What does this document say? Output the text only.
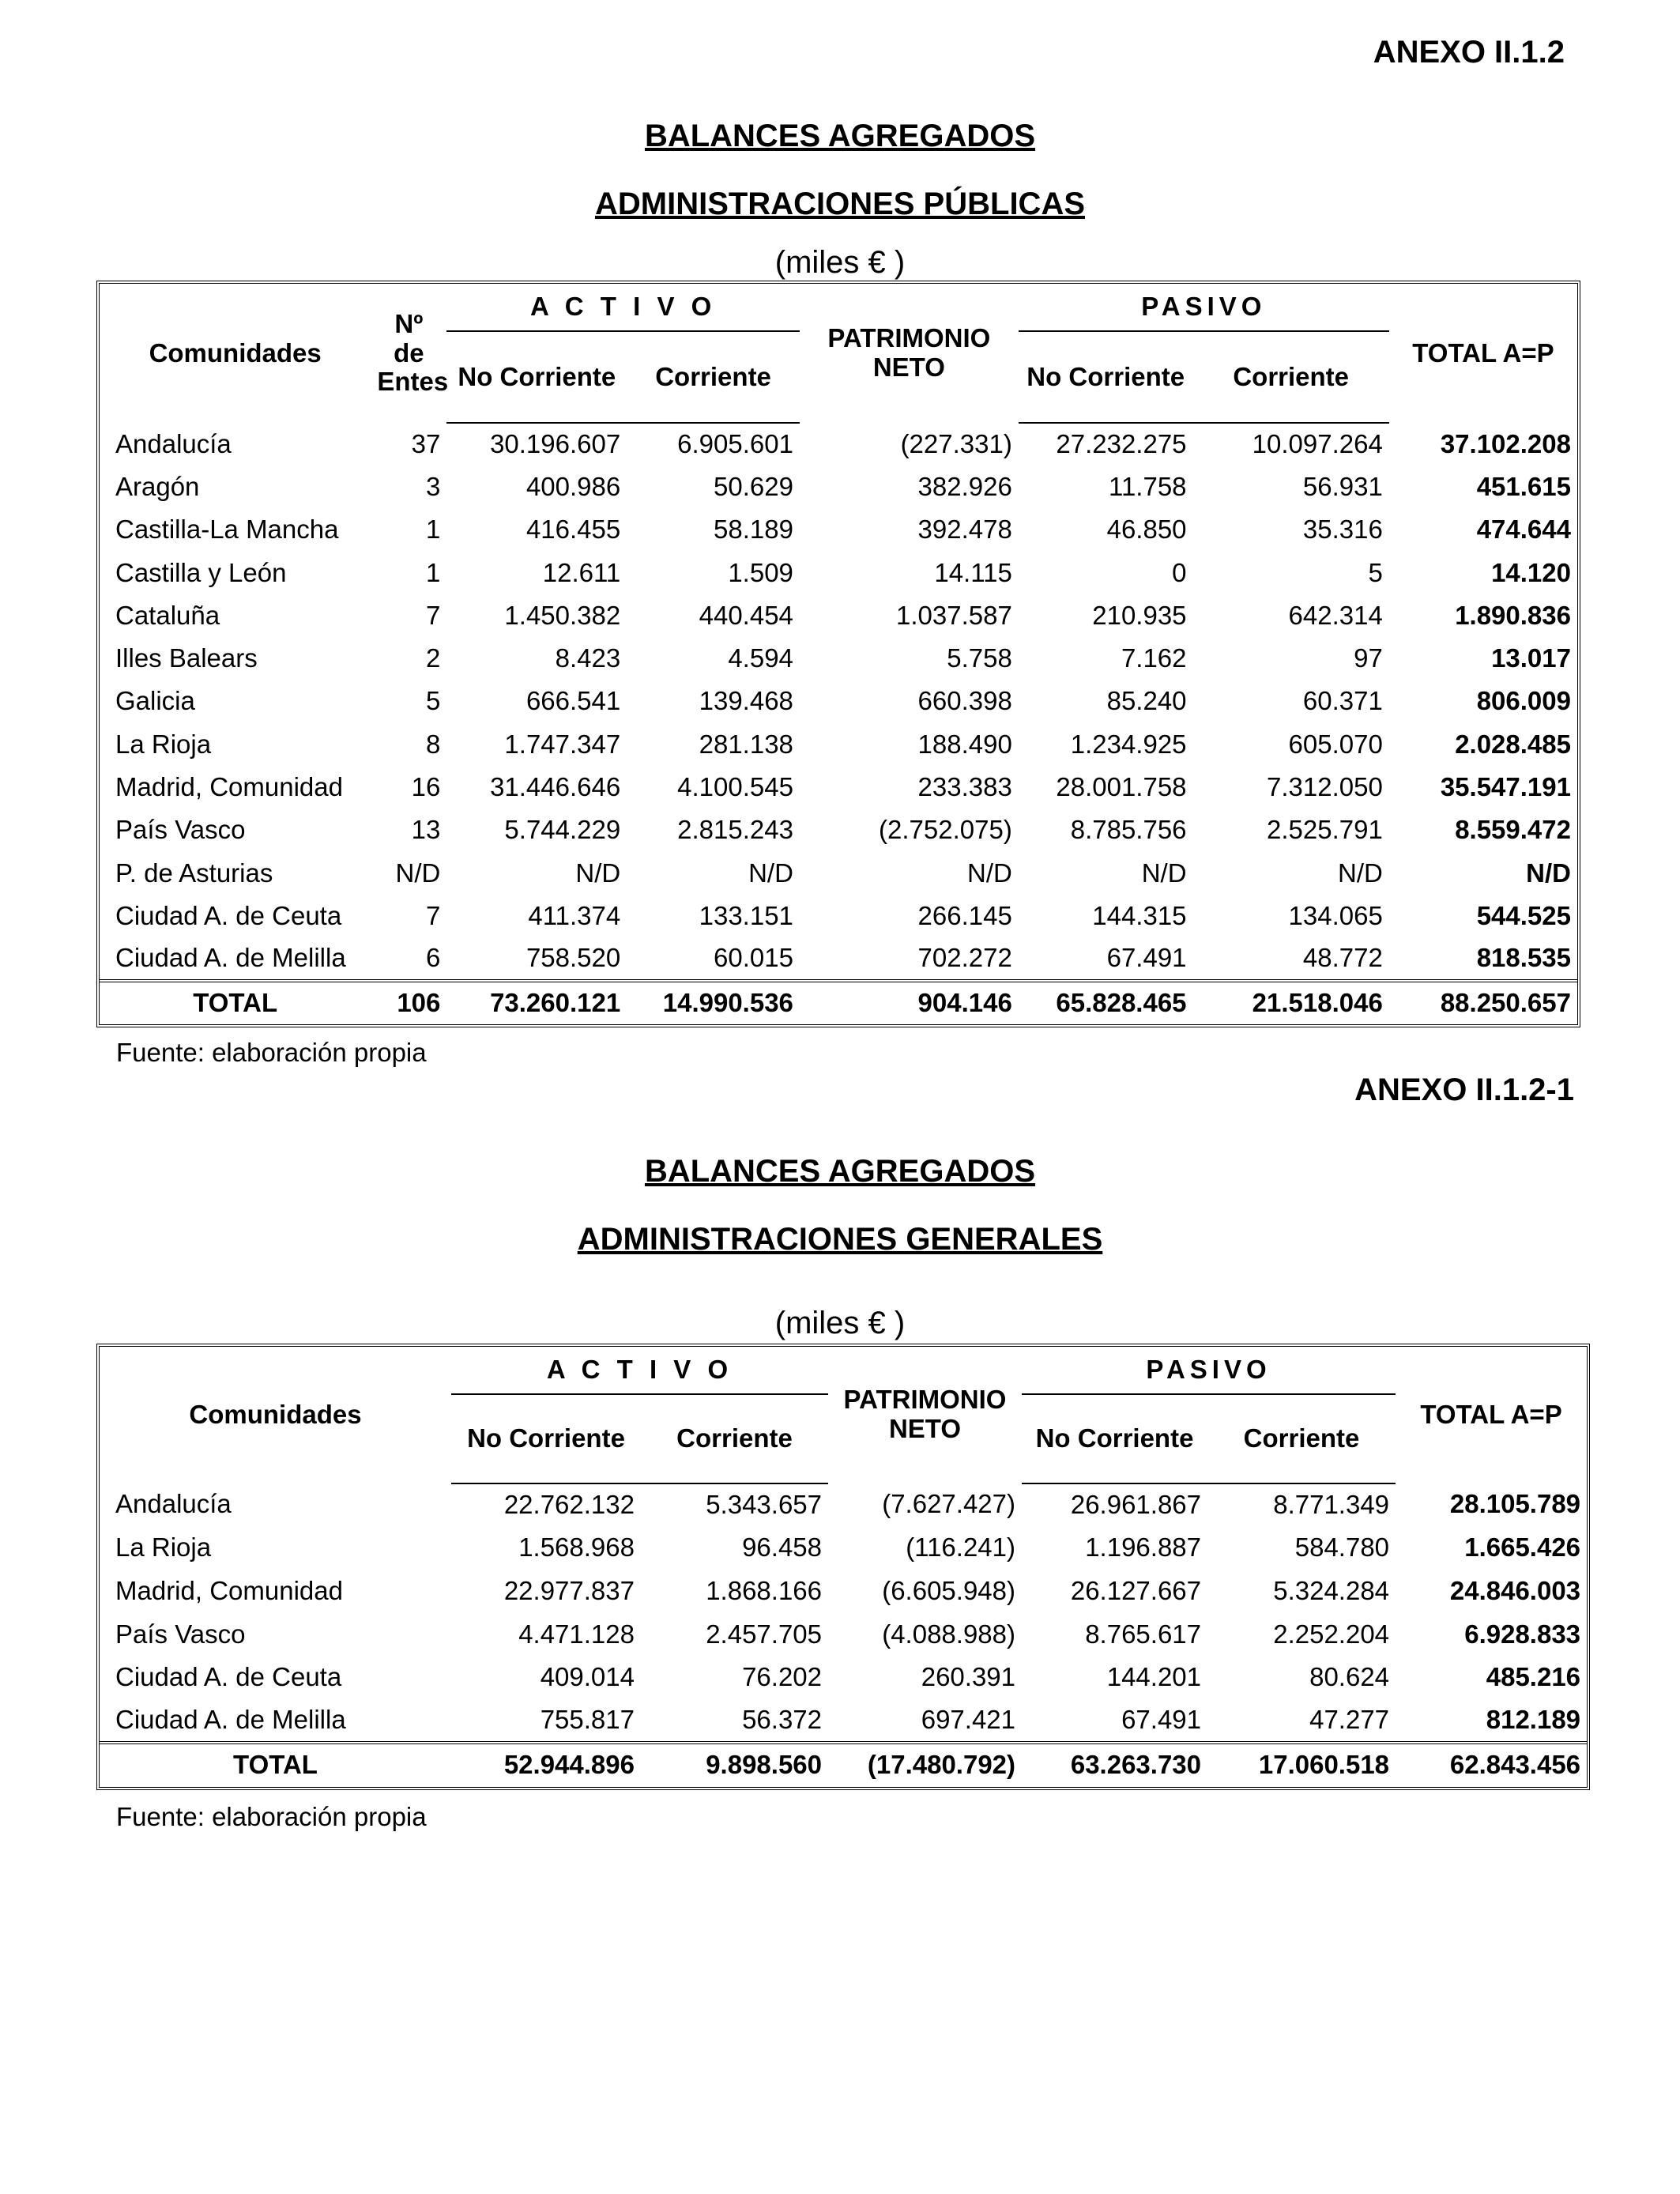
ANEXO II.1.2
BALANCES AGREGADOS
ADMINISTRACIONES PÚBLICAS
(miles € )
Comunidades	Nº de Entes	A C T I V O		PATRIMONIO NETO	PASIVO		TOTAL A=P
		No Corriente	Corriente		No Corriente	Corriente	
Andalucía	37	30.196.607	6.905.601	(227.331)	27.232.275	10.097.264	37.102.208
Aragón	3	400.986	50.629	382.926	11.758	56.931	451.615
Castilla-La Mancha	1	416.455	58.189	392.478	46.850	35.316	474.644
Castilla y León	1	12.611	1.509	14.115	0	5	14.120
Cataluña	7	1.450.382	440.454	1.037.587	210.935	642.314	1.890.836
Illes Balears	2	8.423	4.594	5.758	7.162	97	13.017
Galicia	5	666.541	139.468	660.398	85.240	60.371	806.009
La Rioja	8	1.747.347	281.138	188.490	1.234.925	605.070	2.028.485
Madrid, Comunidad	16	31.446.646	4.100.545	233.383	28.001.758	7.312.050	35.547.191
País Vasco	13	5.744.229	2.815.243	(2.752.075)	8.785.756	2.525.791	8.559.472
P. de Asturias	N/D	N/D	N/D	N/D	N/D	N/D	N/D
Ciudad A. de Ceuta	7	411.374	133.151	266.145	144.315	134.065	544.525
Ciudad A. de Melilla	6	758.520	60.015	702.272	67.491	48.772	818.535
TOTAL	106	73.260.121	14.990.536	904.146	65.828.465	21.518.046	88.250.657
Fuente: elaboración propia
ANEXO II.1.2-1
BALANCES AGREGADOS
ADMINISTRACIONES GENERALES
(miles € )
Comunidades	A C T I V O		PATRIMONIO NETO	PASIVO		TOTAL A=P
	No Corriente	Corriente		No Corriente	Corriente	
Andalucía	22.762.132	5.343.657	(7.627.427)	26.961.867	8.771.349	28.105.789
La Rioja	1.568.968	96.458	(116.241)	1.196.887	584.780	1.665.426
Madrid, Comunidad	22.977.837	1.868.166	(6.605.948)	26.127.667	5.324.284	24.846.003
País Vasco	4.471.128	2.457.705	(4.088.988)	8.765.617	2.252.204	6.928.833
Ciudad A. de Ceuta	409.014	76.202	260.391	144.201	80.624	485.216
Ciudad A. de Melilla	755.817	56.372	697.421	67.491	47.277	812.189
TOTAL	52.944.896	9.898.560	(17.480.792)	63.263.730	17.060.518	62.843.456
Fuente: elaboración propia
